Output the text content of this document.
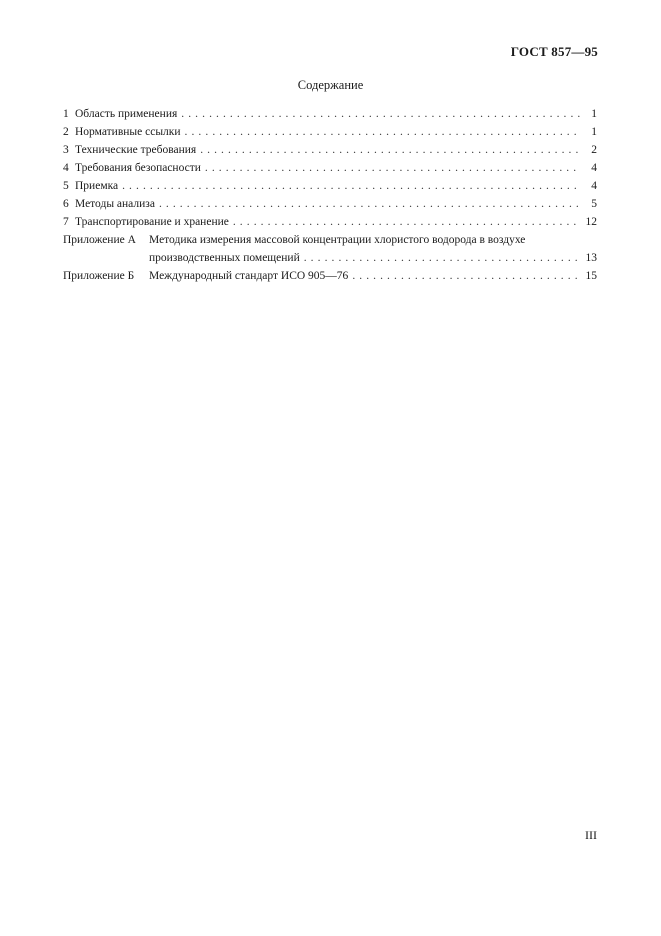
ГОСТ 857—95
Содержание
1 Область применения . . .	1
2 Нормативные ссылки . . .	1
3 Технические требования . . .	2
4 Требования безопасности . . .	4
5 Приемка . . .	4
6 Методы анализа . . .	5
7 Транспортирование и хранение . . .	12
Приложение А	Методика измерения массовой концентрации хлористого водорода в воздухе
производственных помещений . . .	13
Приложение Б	Международный стандарт ИСО 905—76 . . .	15
III
